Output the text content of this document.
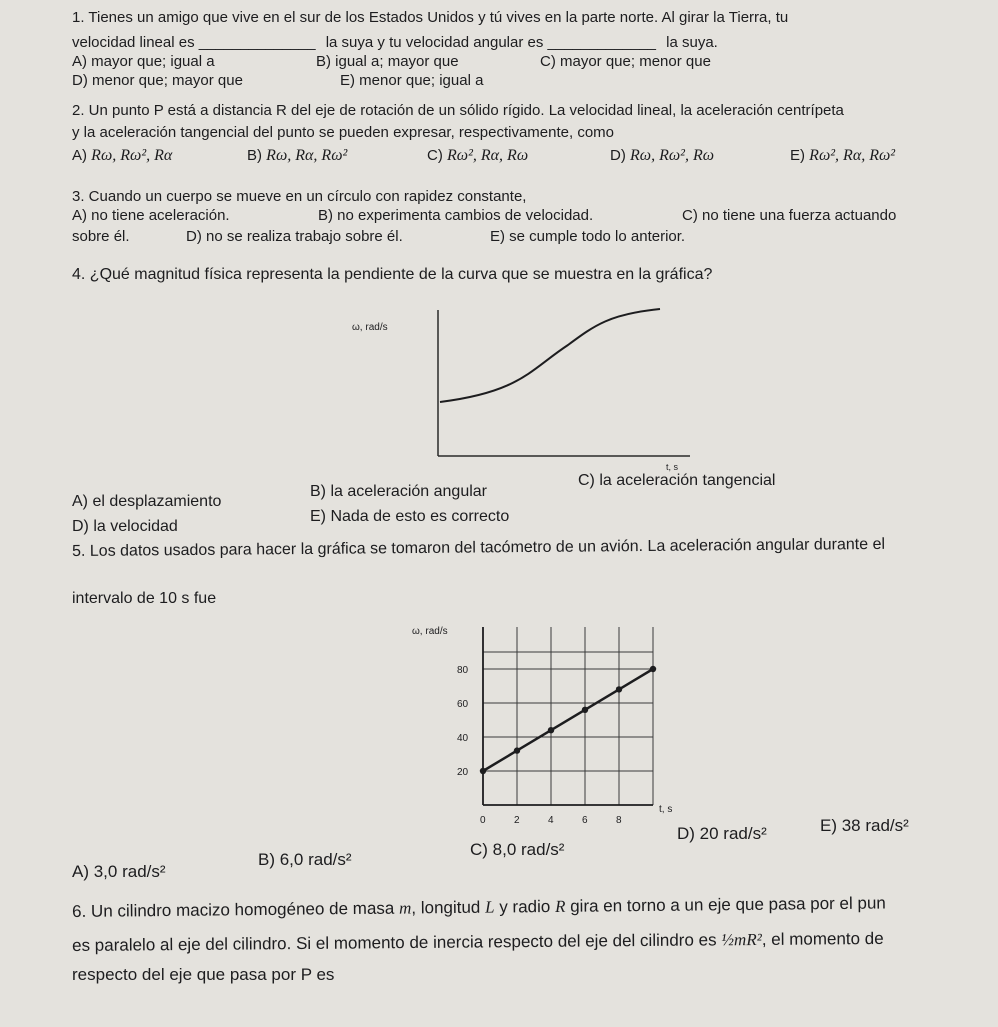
1. Tienes un amigo que vive en el sur de los Estados Unidos y tú vives en la parte norte. Al girar la Tierra, tu
velocidad lineal es ______________ la suya y tu velocidad angular es _____________ la suya.
A) mayor que; igual a	B) igual a; mayor que	C) mayor que; menor que
D) menor que; mayor que	E) menor que; igual a
2. Un punto P está a distancia R del eje de rotación de un sólido rígido. La velocidad lineal, la aceleración centrípeta
y la aceleración tangencial del punto se pueden expresar, respectivamente, como
A) Rω, Rω², Rα	B) Rω, Rα, Rω²	C) Rω², Rα, Rω	D) Rω, Rω², Rω	E) Rω², Rα, Rω²
3. Cuando un cuerpo se mueve en un círculo con rapidez constante,
A) no tiene aceleración.	B) no experimenta cambios de velocidad.	C) no tiene una fuerza actuando
sobre él.	D) no se realiza trabajo sobre él.	E) se cumple todo lo anterior.
4. ¿Qué magnitud física representa la pendiente de la curva que se muestra en la gráfica?
ω, rad/s
t, s
A) el desplazamiento
B) la aceleración angular
C) la aceleración tangencial
D) la velocidad
E) Nada de esto es correcto
5. Los datos usados para hacer la gráfica se tomaron del tacómetro de un avión. La aceleración angular durante el
intervalo de 10 s fue
0	2	4	6	8
20
40
60
80
ω, rad/s
t, s
A) 3,0 rad/s²
B) 6,0 rad/s²
C) 8,0 rad/s²
D) 20 rad/s²	E) 38 rad/s²
6. Un cilindro macizo homogéneo de masa m, longitud L y radio R gira en torno a un eje que pasa por el pun
es paralelo al eje del cilindro. Si el momento de inercia respecto del eje del cilindro es ½mR², el momento de
respecto del eje que pasa por P es
